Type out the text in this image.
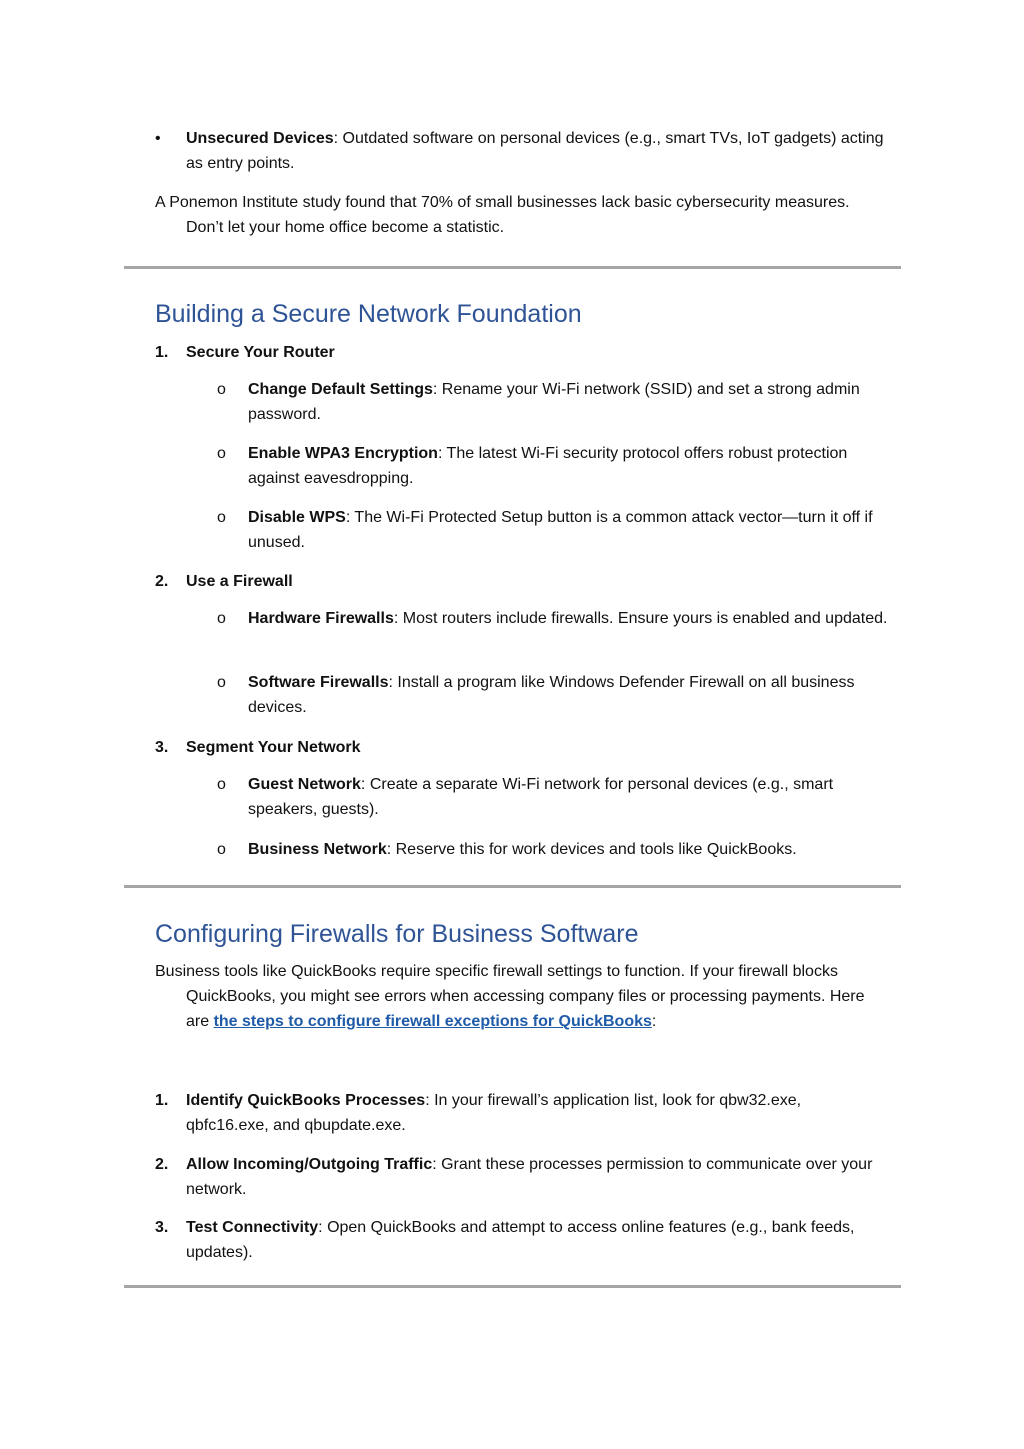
• Unsecured Devices: Outdated software on personal devices (e.g., smart TVs, IoT gadgets) acting as entry points.

A Ponemon Institute study found that 70% of small businesses lack basic cybersecurity measures. Don’t let your home office become a statistic.

Building a Secure Network Foundation
1. Secure Your Router

o Change Default Settings: Rename your Wi-Fi network (SSID) and set a strong admin password.

o Enable WPA3 Encryption: The latest Wi-Fi security protocol offers robust protection against eavesdropping.

o Disable WPS: The Wi-Fi Protected Setup button is a common attack vector—turn it off if unused.

2. Use a Firewall

o Hardware Firewalls: Most routers include firewalls. Ensure yours is enabled and updated.

o Software Firewalls: Install a program like Windows Defender Firewall on all business devices.

3. Segment Your Network

o Guest Network: Create a separate Wi-Fi network for personal devices (e.g., smart speakers, guests).

o Business Network: Reserve this for work devices and tools like QuickBooks.

Configuring Firewalls for Business Software

Business tools like QuickBooks require specific firewall settings to function. If your firewall blocks QuickBooks, you might see errors when accessing company files or processing payments. Here are the steps to configure firewall exceptions for QuickBooks:

1. Identify QuickBooks Processes: In your firewall’s application list, look for qbw32.exe, qbfc16.exe, and qbupdate.exe.

2. Allow Incoming/Outgoing Traffic: Grant these processes permission to communicate over your network.

3. Test Connectivity: Open QuickBooks and attempt to access online features (e.g., bank feeds, updates).
